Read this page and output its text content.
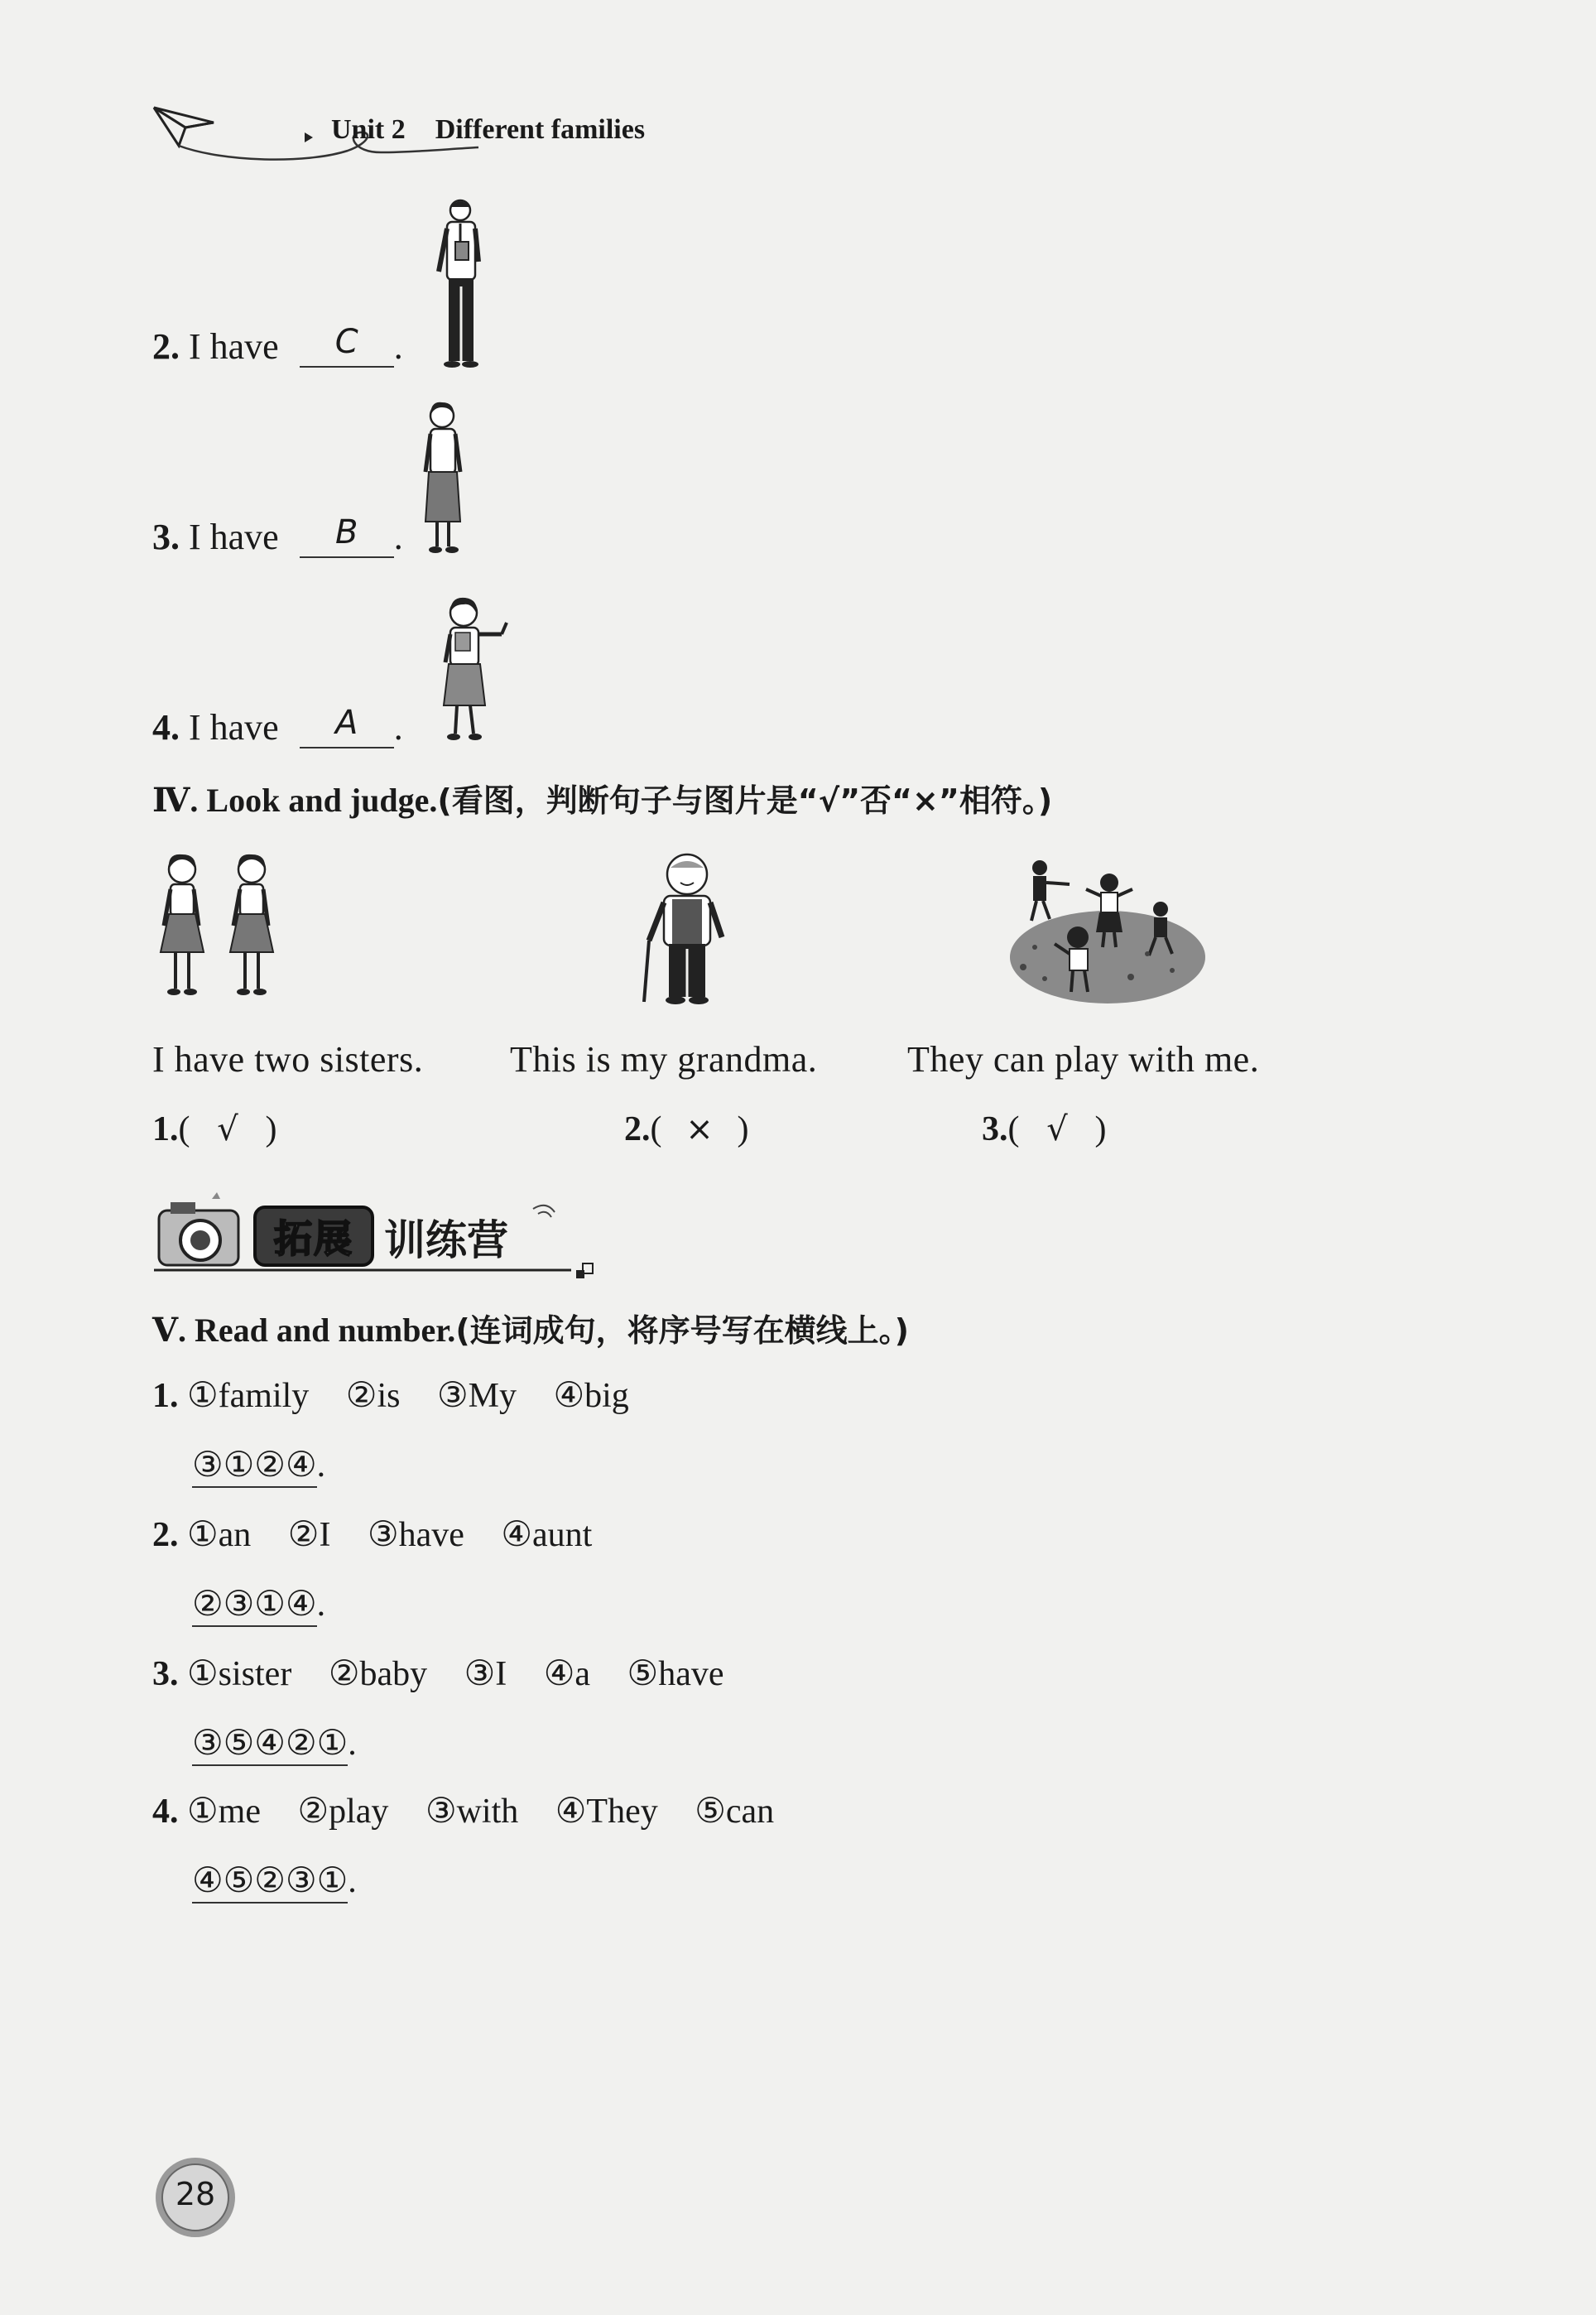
Unit 2 Different families
2. I have	C .
3. I have	B .
4. I have	A .
Ⅳ. Look and judge.(看图，判断句子与图片是“√”否“×”相符。)
I have two sisters. This is my grandma. They can play with me.
1.( √ )	2.( × )	3.( √ )
拓展 训练营
Ⅴ. Read and number.(连词成句，将序号写在横线上。)
1. ①family ②is ③My ④big
③①②④.
2. ①an ②I ③have ④aunt
②③①④.
3. ①sister ②baby ③I ④a ⑤have
③⑤④②①.
4. ①me ②play ③with ④They ⑤can
④⑤②③①.
28
